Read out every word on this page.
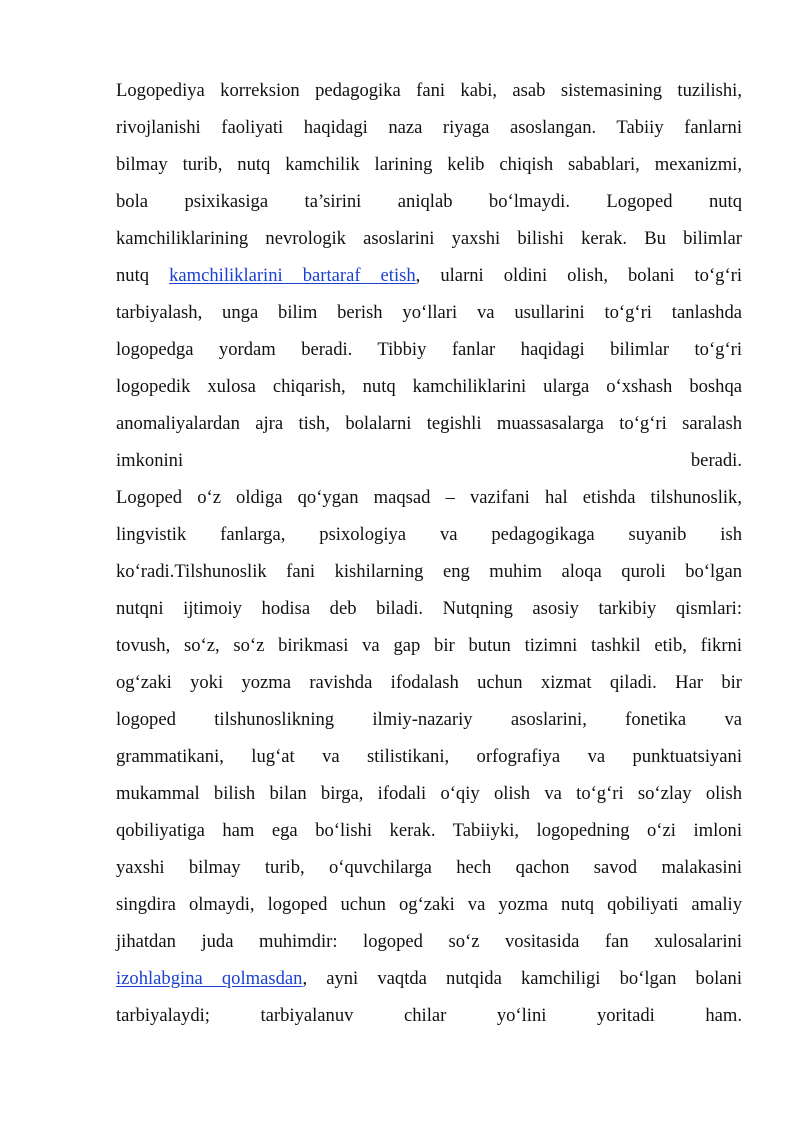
Logopediya korreksion pedagogika fani kabi, asab sistemasining tuzilishi,
rivojlanishi faoliyati haqidagi naza riyaga asoslangan. Tabiiy fanlarni
bilmay turib, nutq kamchilik larining kelib chiqish sabablari, mexanizmi,
bola psixikasiga ta’sirini aniqlab bo‘lmaydi. Logoped nutq
kamchiliklarining nevrologik asoslarini yaxshi bilishi kerak. Bu bilimlar
nutq kamchiliklarini bartaraf etish, ularni oldini olish, bolani to‘g‘ri
tarbiyalash, unga bilim berish yo‘llari va usullarini to‘g‘ri tanlashda
logopedga yordam beradi. Tibbiy fanlar haqidagi bilimlar to‘g‘ri
logopedik xulosa chiqarish, nutq kamchiliklarini ularga o‘xshash boshqa
anomaliyalardan ajra tish, bolalarni tegishli muassasalarga to‘g‘ri saralash
imkonini beradi.
Logoped o‘z oldiga qo‘ygan maqsad – vazifani hal etishda tilshunoslik,
lingvistik fanlarga, psixologiya va pedagogikaga suyanib ish
ko‘radi.Tilshunoslik fani kishilarning eng muhim aloqa quroli bo‘lgan
nutqni ijtimoiy hodisa deb biladi. Nutqning asosiy tarkibiy qismlari:
tovush, so‘z, so‘z birikmasi va gap bir butun tizimni tashkil etib, fikrni
og‘zaki yoki yozma ravishda ifodalash uchun xizmat qiladi. Har bir
logoped tilshunoslikning ilmiy-nazariy asoslarini, fonetika va
grammatikani, lug‘at va stilistikani, orfografiya va punktuatsiyani
mukammal bilish bilan birga, ifodali o‘qiy olish va to‘g‘ri so‘zlay olish
qobiliyatiga ham ega bo‘lishi kerak. Tabiiyki, logopedning o‘zi imloni
yaxshi bilmay turib, o‘quvchilarga hech qachon savod malakasini
singdira olmaydi, logoped uchun og‘zaki va yozma nutq qobiliyati amaliy
jihatdan juda muhimdir: logoped so‘z vositasida fan xulosalarini
izohlabgina qolmasdan, ayni vaqtda nutqida kamchiligi bo‘lgan bolani
tarbiyalaydi; tarbiyalanuv chilar yo‘lini yoritadi ham.
